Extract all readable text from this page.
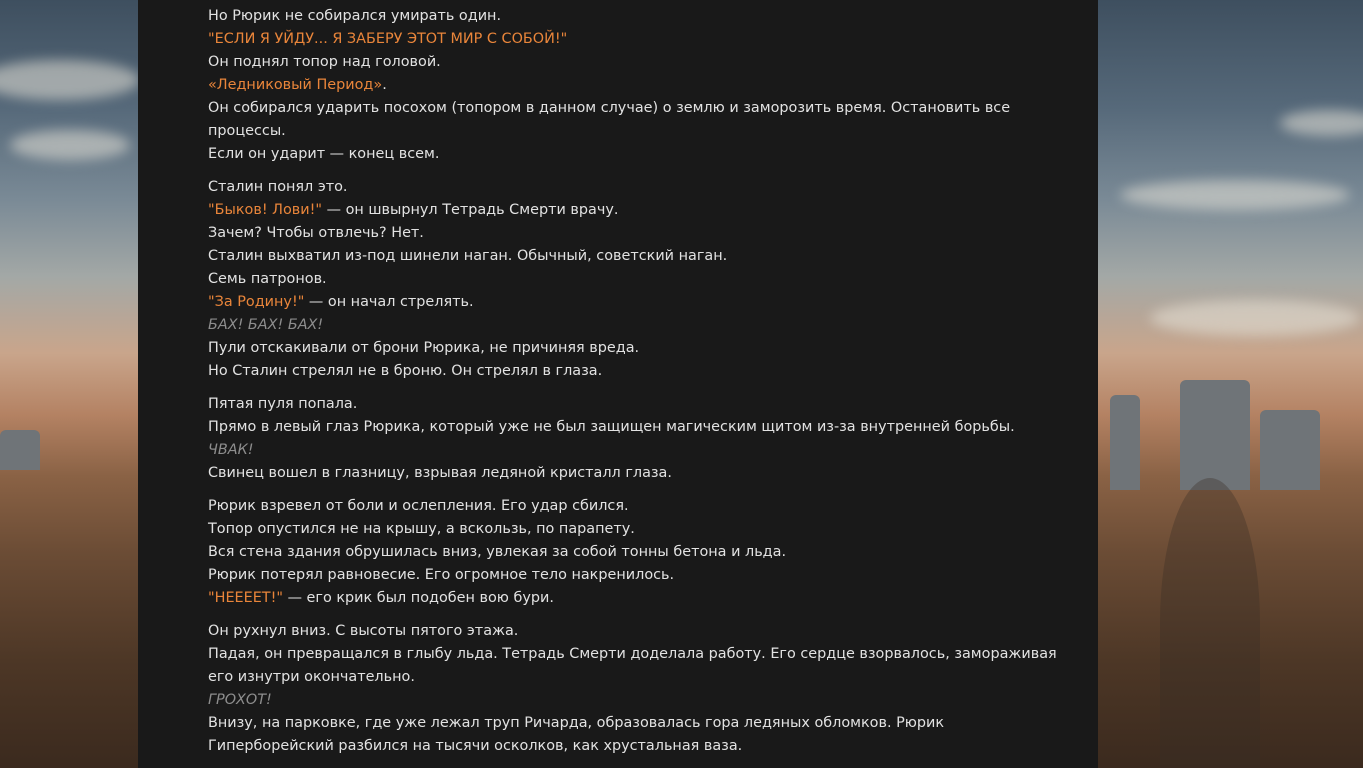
Но Рюрик не собирался умирать один.
"ЕСЛИ Я УЙДУ... Я ЗАБЕРУ ЭТОТ МИР С СОБОЙ!"
Он поднял топор над головой.
«Ледниковый Период».
Он собирался ударить посохом (топором в данном случае) о землю и заморозить время. Остановить все процессы.
Если он ударит — конец всем.
Сталин понял это.
"Быков! Лови!" — он швырнул Тетрадь Смерти врачу.
Зачем? Чтобы отвлечь? Нет.
Сталин выхватил из-под шинели наган. Обычный, советский наган.
Семь патронов.
"За Родину!" — он начал стрелять.
БАХ! БАХ! БАХ!
Пули отскакивали от брони Рюрика, не причиняя вреда.
Но Сталин стрелял не в броню. Он стрелял в глаза.
Пятая пуля попала.
Прямо в левый глаз Рюрика, который уже не был защищен магическим щитом из-за внутренней борьбы.
ЧВАК!
Свинец вошел в глазницу, взрывая ледяной кристалл глаза.
Рюрик взревел от боли и ослепления. Его удар сбился.
Топор опустился не на крышу, а вскользь, по парапету.
Вся стена здания обрушилась вниз, увлекая за собой тонны бетона и льда.
Рюрик потерял равновесие. Его огромное тело накренилось.
"НЕЕЕЕТ!" — его крик был подобен вою бури.
Он рухнул вниз. С высоты пятого этажа.
Падая, он превращался в глыбу льда. Тетрадь Смерти доделала работу. Его сердце взорвалось, замораживая его изнутри окончательно.
ГРОХОТ!
Внизу, на парковке, где уже лежал труп Ричарда, образовалась гора ледяных обломков. Рюрик Гиперборейский разбился на тысячи осколков, как хрустальная ваза.
